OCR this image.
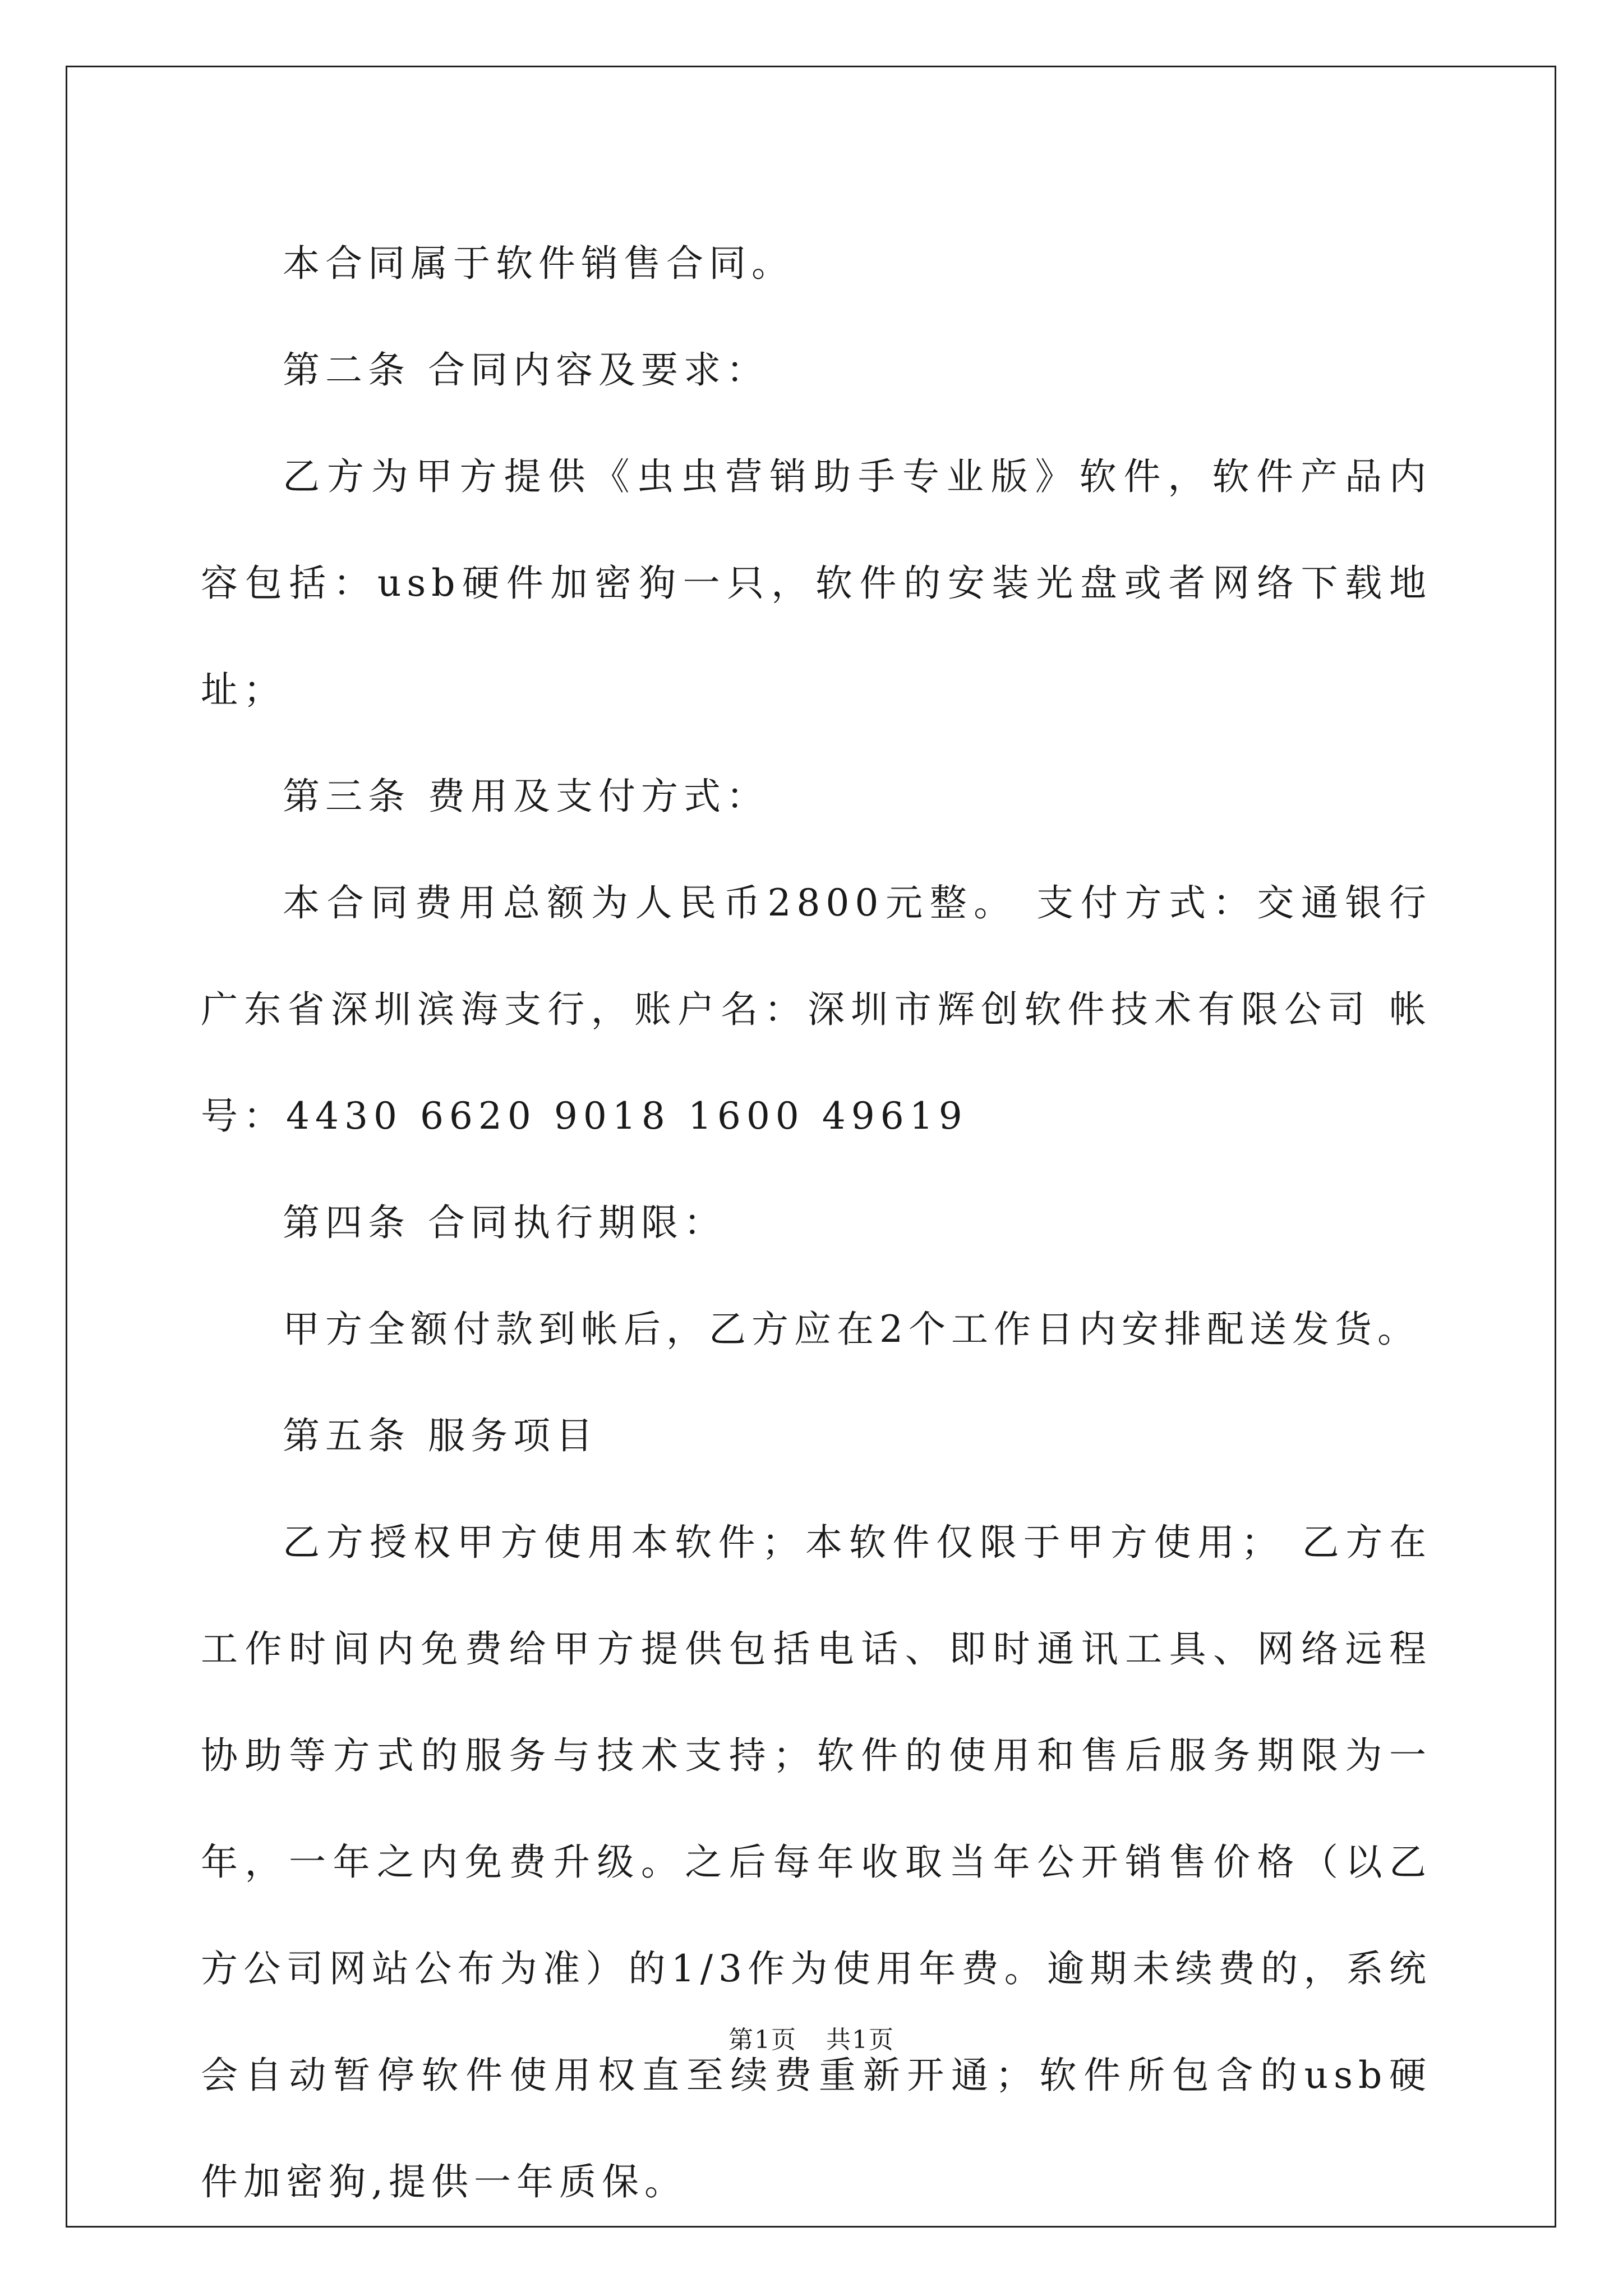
本合同属于软件销售合同。

第二条 合同内容及要求：

乙方为甲方提供《虫虫营销助手专业版》软件，软件产品内容包括：usb硬件加密狗一只，软件的安装光盘或者网络下载地址；

第三条 费用及支付方式：

本合同费用总额为人民币2800元整。 支付方式：交通银行广东省深圳滨海支行，账户名：深圳市辉创软件技术有限公司 帐号：4430 6620 9018 1600 49619

第四条 合同执行期限：

甲方全额付款到帐后，乙方应在2个工作日内安排配送发货。

第五条 服务项目

乙方授权甲方使用本软件；本软件仅限于甲方使用； 乙方在工作时间内免费给甲方提供包括电话、即时通讯工具、网络远程协助等方式的服务与技术支持；软件的使用和售后服务期限为一年，一年之内免费升级。之后每年收取当年公开销售价格（以乙方公司网站公布为准）的1/3作为使用年费。逾期未续费的，系统会自动暂停软件使用权直至续费重新开通；软件所包含的usb硬件加密狗,提供一年质保。

第1页 共1页
